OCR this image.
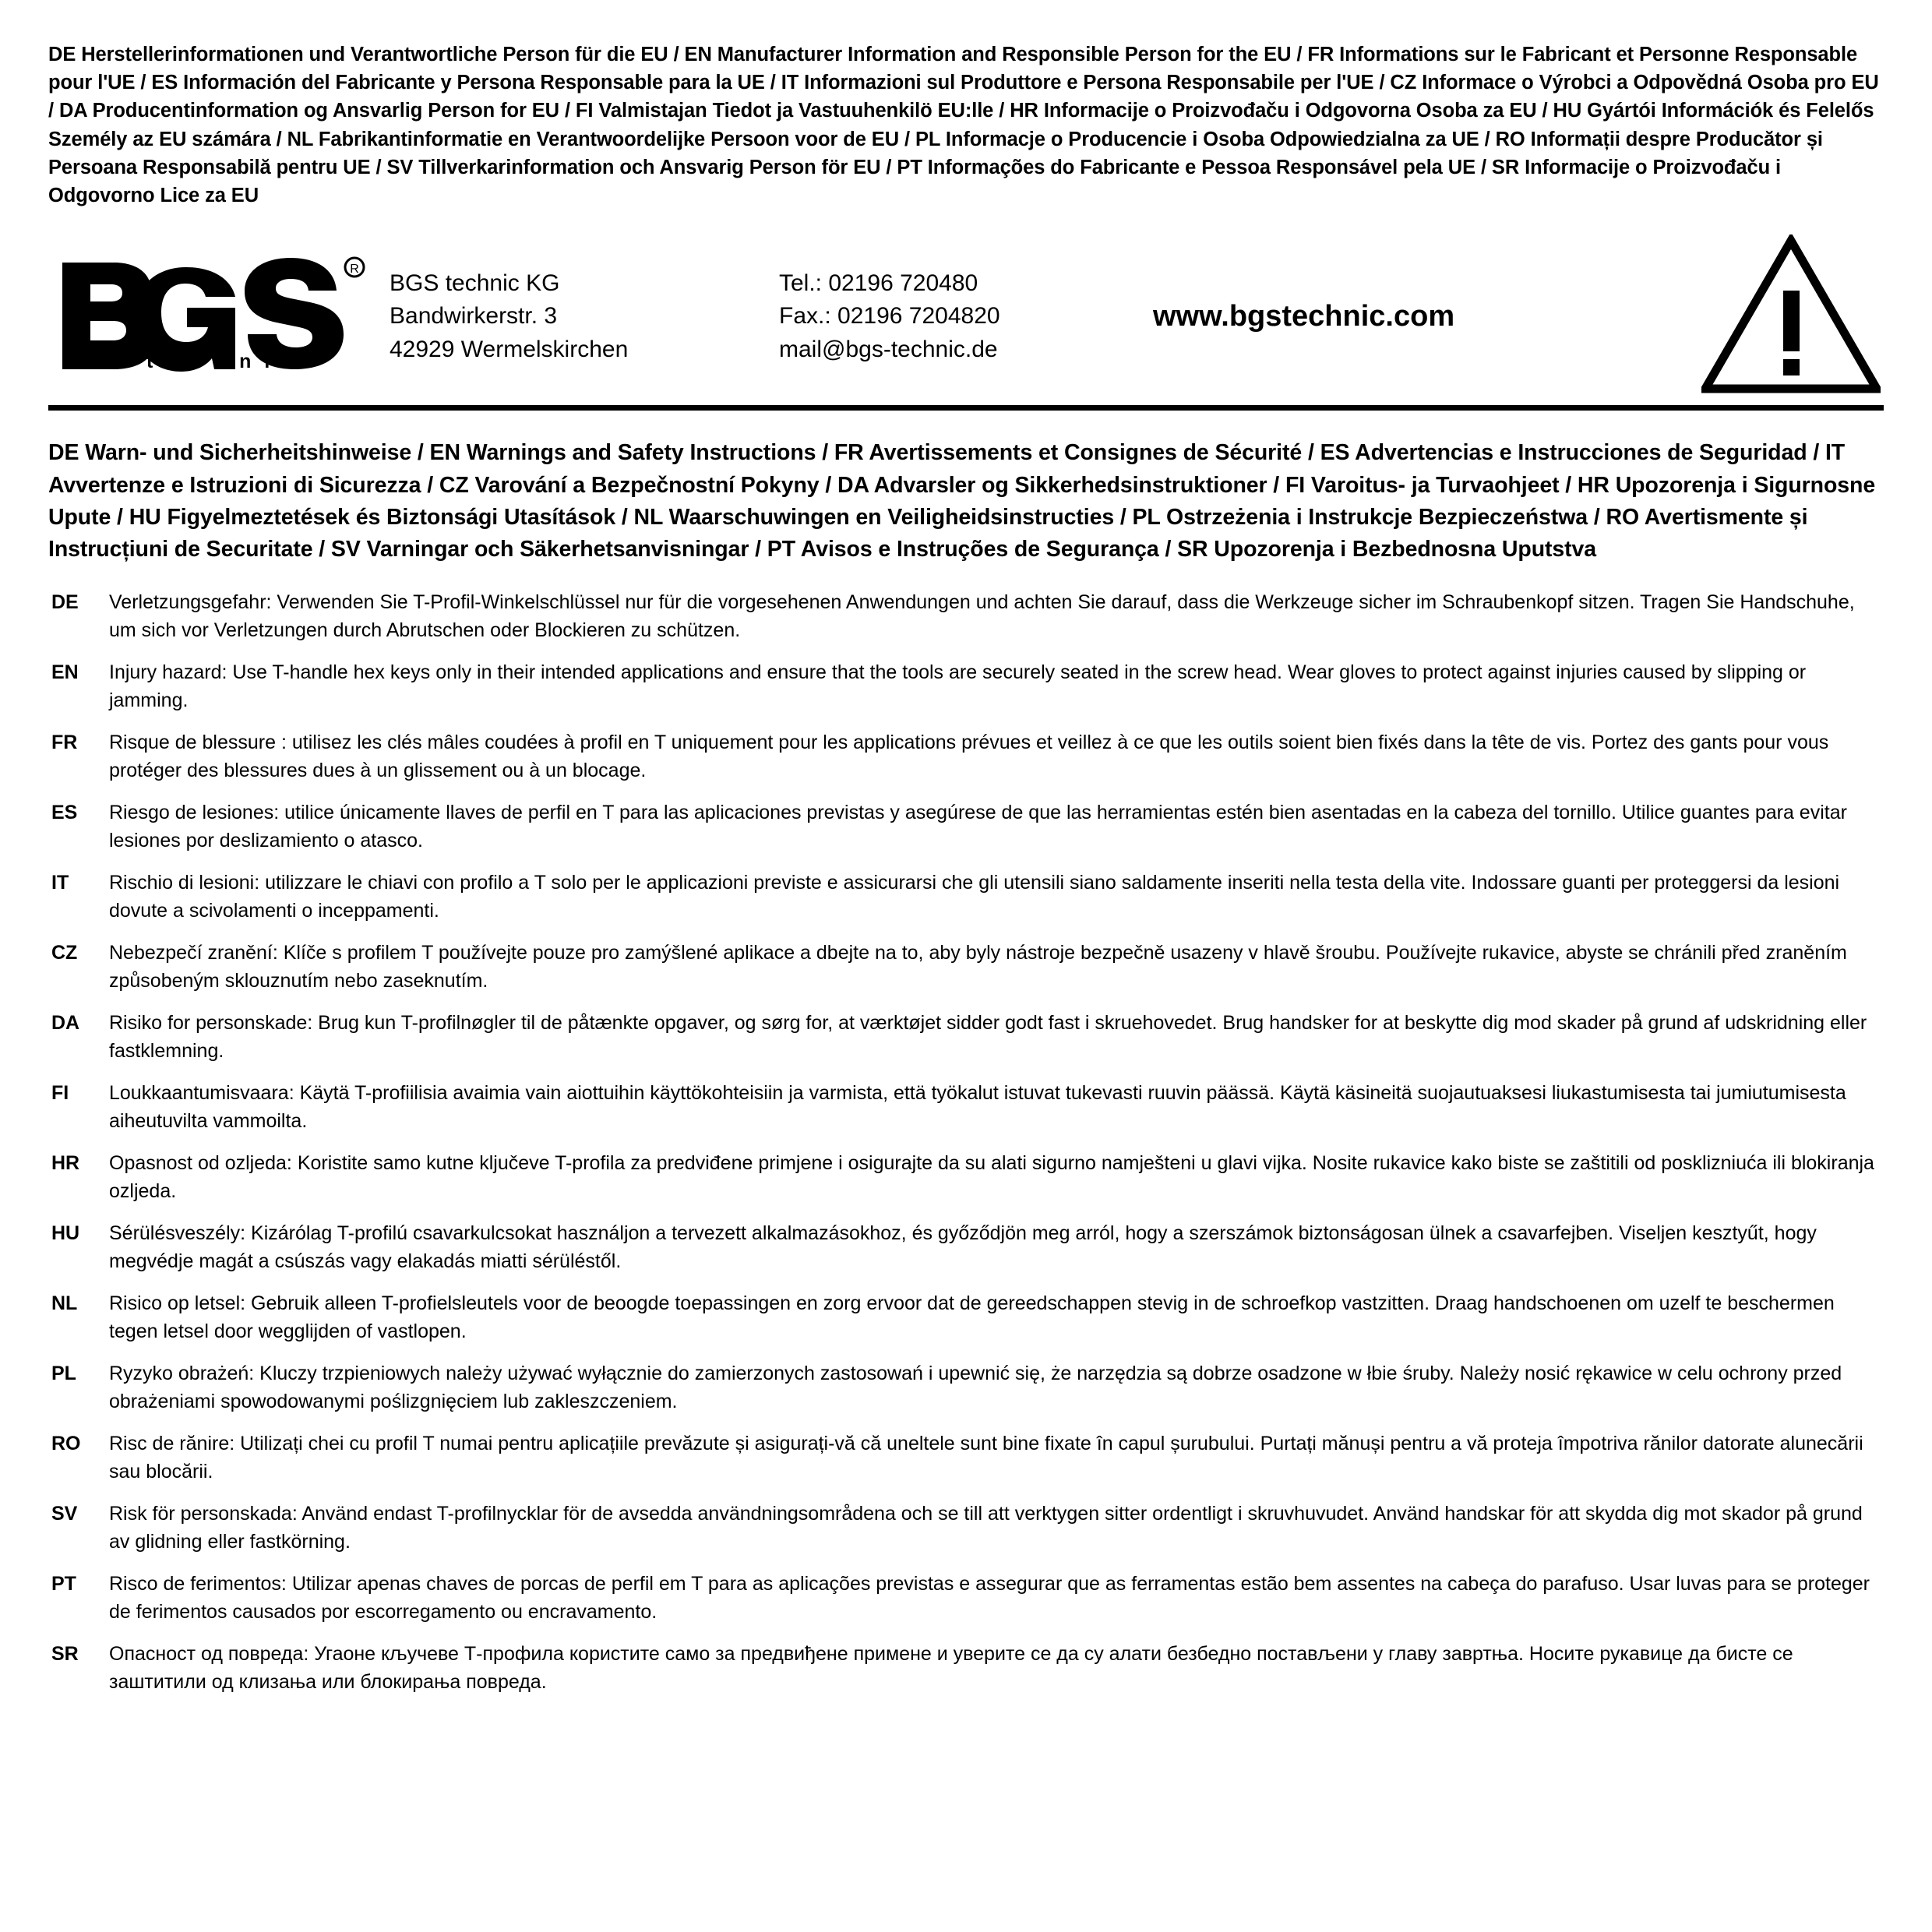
DE Herstellerinformationen und Verantwortliche Person für die EU / EN Manufacturer Information and Responsible Person for the EU / FR Informations sur le Fabricant et Personne Responsable pour l'UE / ES Información del Fabricante y Persona Responsable para la UE / IT Informazioni sul Produttore e Persona Responsabile per l'UE / CZ Informace o Výrobci a Odpovědná Osoba pro EU / DA Producentinformation og Ansvarlig Person for EU / FI Valmistajan Tiedot ja Vastuuhenkilö EU:lle / HR Informacije o Proizvođaču i Odgovorna Osoba za EU / HU Gyártói Információk és Felelős Személy az EU számára / NL Fabrikantinformatie en Verantwoordelijke Persoon voor de EU / PL Informacje o Producencie i Osoba Odpowiedzialna za UE / RO Informații despre Producător și Persoana Responsabilă pentru UE / SV Tillverkarinformation och Ansvarig Person för EU / PT Informações do Fabricante e Pessoa Responsável pela UE / SR Informacije o Proizvođaču i Odgovorno Lice za EU
R
t e c h n i c
BGS technic KG
Bandwirkerstr. 3
42929 Wermelskirchen
Tel.: 02196 720480
Fax.: 02196 7204820
mail@bgs-technic.de
www.bgstechnic.com
DE Warn- und Sicherheitshinweise / EN Warnings and Safety Instructions / FR Avertissements et Consignes de Sécurité / ES Advertencias e Instrucciones de Seguridad / IT Avvertenze e Istruzioni di Sicurezza / CZ Varování a Bezpečnostní Pokyny / DA Advarsler og Sikkerhedsinstruktioner / FI Varoitus- ja Turvaohjeet / HR Upozorenja i Sigurnosne Upute / HU Figyelmeztetések és Biztonsági Utasítások / NL Waarschuwingen en Veiligheidsinstructies / PL Ostrzeżenia i Instrukcje Bezpieczeństwa / RO Avertismente și Instrucțiuni de Securitate / SV Varningar och Säkerhetsanvisningar / PT Avisos e Instruções de Segurança / SR Upozorenja i Bezbednosna Uputstva
DE	Verletzungsgefahr: Verwenden Sie T-Profil-Winkelschlüssel nur für die vorgesehenen Anwendungen und achten Sie darauf, dass die Werkzeuge sicher im Schraubenkopf sitzen. Tragen Sie Handschuhe, um sich vor Verletzungen durch Abrutschen oder Blockieren zu schützen.
EN	Injury hazard: Use T-handle hex keys only in their intended applications and ensure that the tools are securely seated in the screw head. Wear gloves to protect against injuries caused by slipping or jamming.
FR	Risque de blessure : utilisez les clés mâles coudées à profil en T uniquement pour les applications prévues et veillez à ce que les outils soient bien fixés dans la tête de vis. Portez des gants pour vous protéger des blessures dues à un glissement ou à un blocage.
ES	Riesgo de lesiones: utilice únicamente llaves de perfil en T para las aplicaciones previstas y asegúrese de que las herramientas estén bien asentadas en la cabeza del tornillo. Utilice guantes para evitar lesiones por deslizamiento o atasco.
IT	Rischio di lesioni: utilizzare le chiavi con profilo a T solo per le applicazioni previste e assicurarsi che gli utensili siano saldamente inseriti nella testa della vite. Indossare guanti per proteggersi da lesioni dovute a scivolamenti o inceppamenti.
CZ	Nebezpečí zranění: Klíče s profilem T používejte pouze pro zamýšlené aplikace a dbejte na to, aby byly nástroje bezpečně usazeny v hlavě šroubu. Používejte rukavice, abyste se chránili před zraněním způsobeným sklouznutím nebo zaseknutím.
DA	Risiko for personskade: Brug kun T-profilnøgler til de påtænkte opgaver, og sørg for, at værktøjet sidder godt fast i skruehovedet. Brug handsker for at beskytte dig mod skader på grund af udskridning eller fastklemning.
FI	Loukkaantumisvaara: Käytä T-profiilisia avaimia vain aiottuihin käyttökohteisiin ja varmista, että työkalut istuvat tukevasti ruuvin päässä. Käytä käsineitä suojautuaksesi liukastumisesta tai jumiutumisesta aiheutuvilta vammoilta.
HR	Opasnost od ozljeda: Koristite samo kutne ključeve T-profila za predviđene primjene i osigurajte da su alati sigurno namješteni u glavi vijka. Nosite rukavice kako biste se zaštitili od posklizniuća ili blokiranja ozljeda.
HU	Sérülésveszély: Kizárólag T-profilú csavarkulcsokat használjon a tervezett alkalmazásokhoz, és győződjön meg arról, hogy a szerszámok biztonságosan ülnek a csavarfejben. Viseljen kesztyűt, hogy megvédje magát a csúszás vagy elakadás miatti sérüléstől.
NL	Risico op letsel: Gebruik alleen T-profielsleutels voor de beoogde toepassingen en zorg ervoor dat de gereedschappen stevig in de schroefkop vastzitten. Draag handschoenen om uzelf te beschermen tegen letsel door wegglijden of vastlopen.
PL	Ryzyko obrażeń: Kluczy trzpieniowych należy używać wyłącznie do zamierzonych zastosowań i upewnić się, że narzędzia są dobrze osadzone w łbie śruby. Należy nosić rękawice w celu ochrony przed obrażeniami spowodowanymi poślizgnięciem lub zakleszczeniem.
RO	Risc de rănire: Utilizați chei cu profil T numai pentru aplicațiile prevăzute și asigurați-vă că uneltele sunt bine fixate în capul șurubului. Purtați mănuși pentru a vă proteja împotriva rănilor datorate alunecării sau blocării.
SV	Risk för personskada: Använd endast T-profilnycklar för de avsedda användningsområdena och se till att verktygen sitter ordentligt i skruvhuvudet. Använd handskar för att skydda dig mot skador på grund av glidning eller fastkörning.
PT	Risco de ferimentos: Utilizar apenas chaves de porcas de perfil em T para as aplicações previstas e assegurar que as ferramentas estão bem assentes na cabeça do parafuso. Usar luvas para se proteger de ferimentos causados por escorregamento ou encravamento.
SR	Опасност од повреда: Угаоне кључеве Т-профила користите само за предвиђене примене и уверите се да су алати безбедно постављени у главу завртња. Носите рукавице да бисте се заштитили од клизања или блокирања повреда.
